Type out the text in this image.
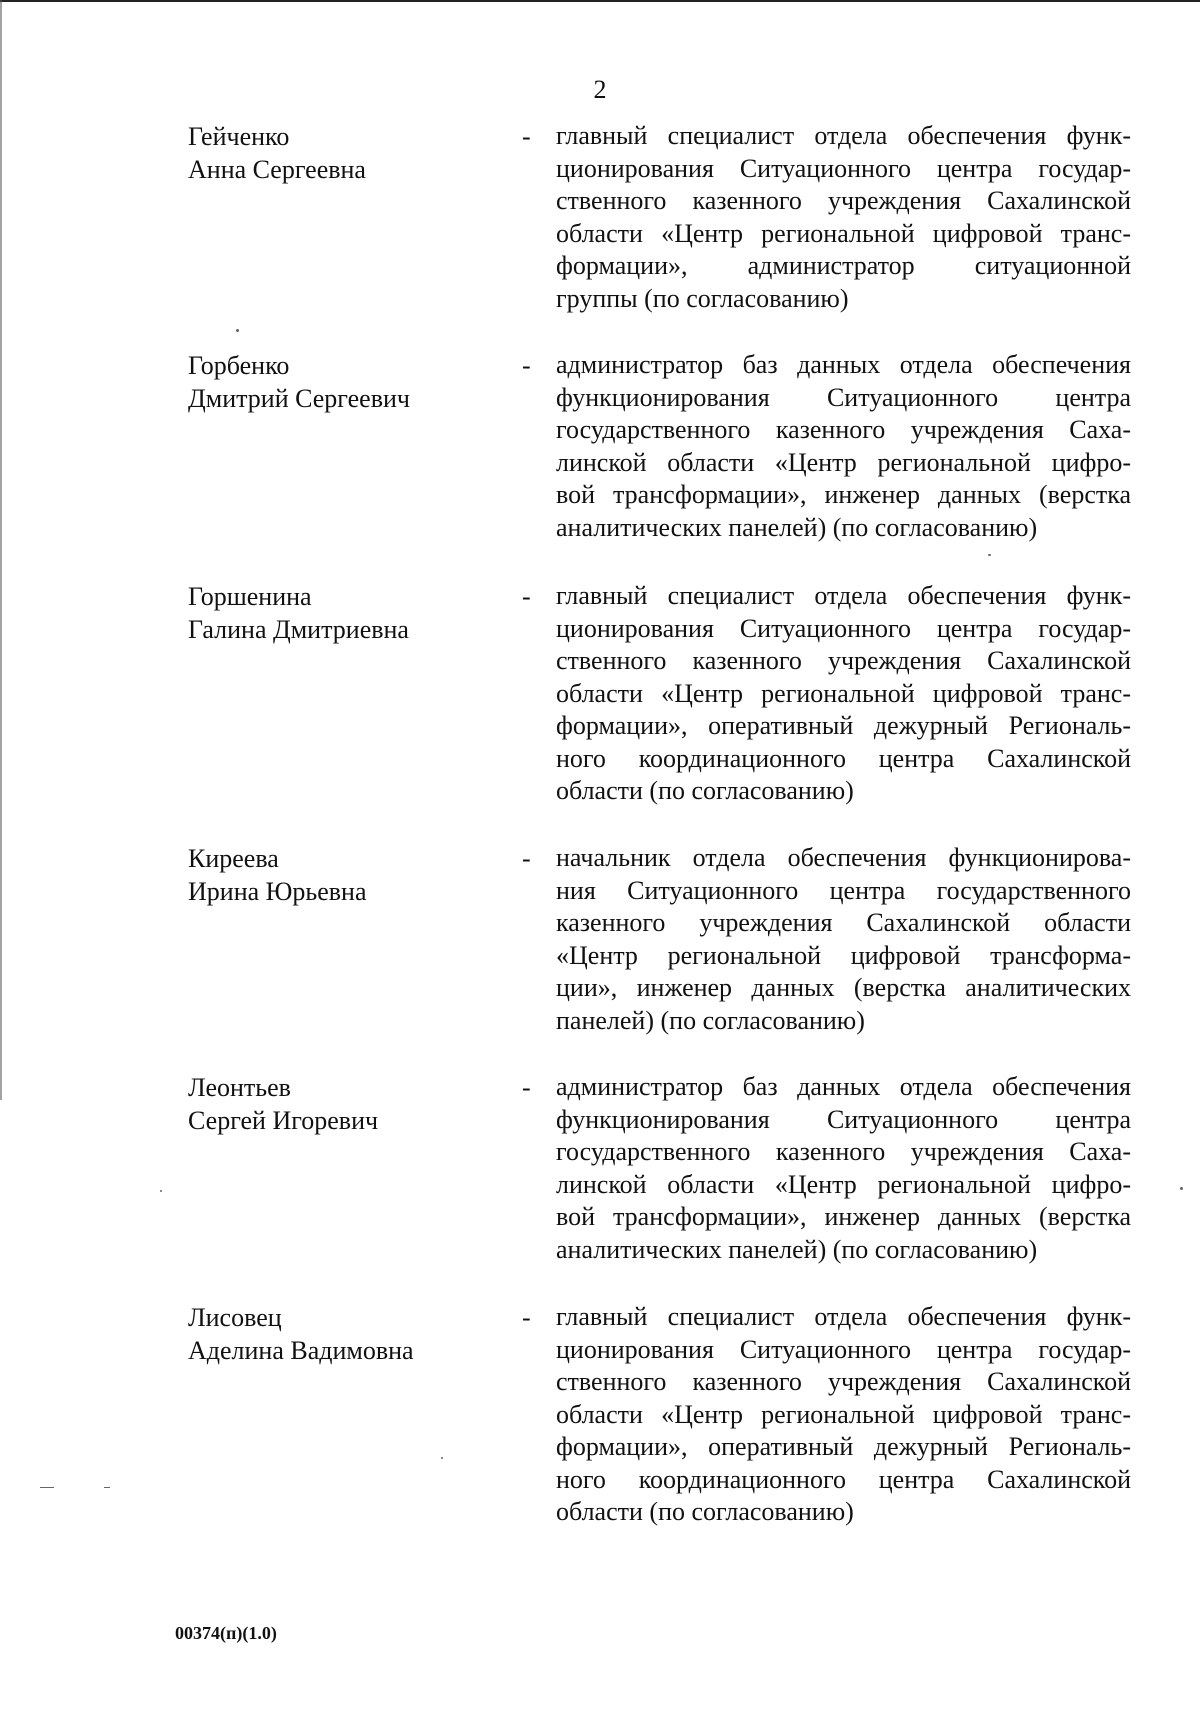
2
Гейченко
Анна Сергеевна
- главный специалист отдела обеспечения функ-
ционирования Ситуационного центра государ-
ственного казенного учреждения Сахалинской
области «Центр региональной цифровой транс-
формации», администратор ситуационной
группы (по согласованию)
Горбенко
Дмитрий Сергеевич
- администратор баз данных отдела обеспечения
функционирования Ситуационного центра
государственного казенного учреждения Саха-
линской области «Центр региональной цифро-
вой трансформации», инженер данных (верстка
аналитических панелей) (по согласованию)
Горшенина
Галина Дмитриевна
- главный специалист отдела обеспечения функ-
ционирования Ситуационного центра государ-
ственного казенного учреждения Сахалинской
области «Центр региональной цифровой транс-
формации», оперативный дежурный Региональ-
ного координационного центра Сахалинской
области (по согласованию)
Киреева
Ирина Юрьевна
- начальник отдела обеспечения функционирова-
ния Ситуационного центра государственного
казенного учреждения Сахалинской области
«Центр региональной цифровой трансформа-
ции», инженер данных (верстка аналитических
панелей) (по согласованию)
Леонтьев
Сергей Игоревич
- администратор баз данных отдела обеспечения
функционирования Ситуационного центра
государственного казенного учреждения Саха-
линской области «Центр региональной цифро-
вой трансформации», инженер данных (верстка
аналитических панелей) (по согласованию)
Лисовец
Аделина Вадимовна
- главный специалист отдела обеспечения функ-
ционирования Ситуационного центра государ-
ственного казенного учреждения Сахалинской
области «Центр региональной цифровой транс-
формации», оперативный дежурный Региональ-
ного координационного центра Сахалинской
области (по согласованию)
00374(п)(1.0)
